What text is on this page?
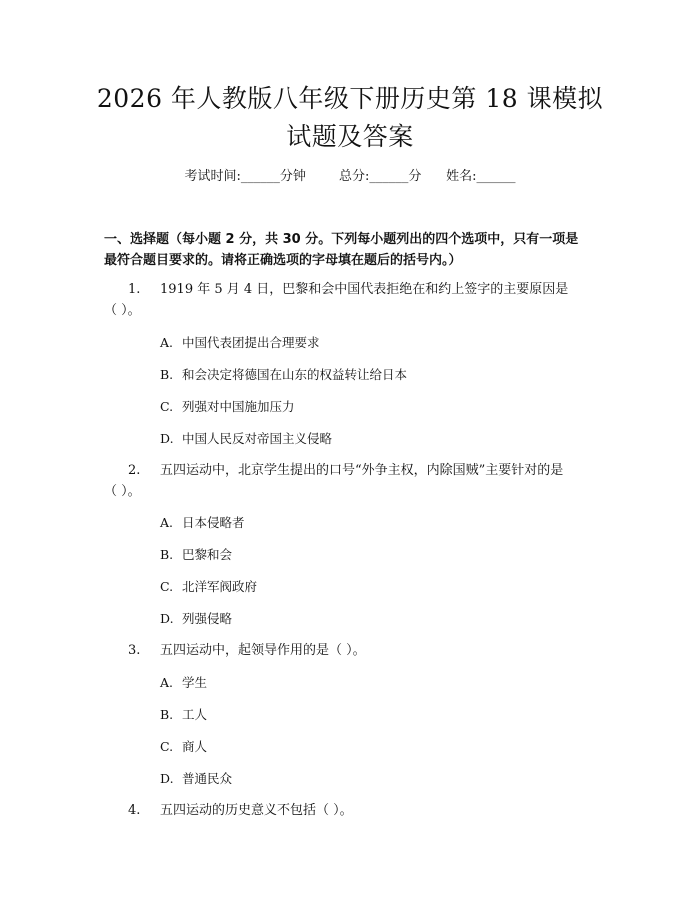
2026 年人教版八年级下册历史第 18 课模拟
试题及答案
考试时间:______分钟	总分:______分 姓名:______
一、选择题（每小题 2 分，共 30 分。下列每小题列出的四个选项中，只有一项是
最符合题目要求的。请将正确选项的字母填在题后的括号内。）
1. 1919 年 5 月 4 日，巴黎和会中国代表拒绝在和约上签字的主要原因是
（ ）。
A. 中国代表团提出合理要求
B. 和会决定将德国在山东的权益转让给日本
C. 列强对中国施加压力
D. 中国人民反对帝国主义侵略
2. 五四运动中，北京学生提出的口号“外争主权，内除国贼”主要针对的是
（ ）。
A. 日本侵略者
B. 巴黎和会
C. 北洋军阀政府
D. 列强侵略
3. 五四运动中，起领导作用的是（ ）。
A. 学生
B. 工人
C. 商人
D. 普通民众
4. 五四运动的历史意义不包括（ ）。
